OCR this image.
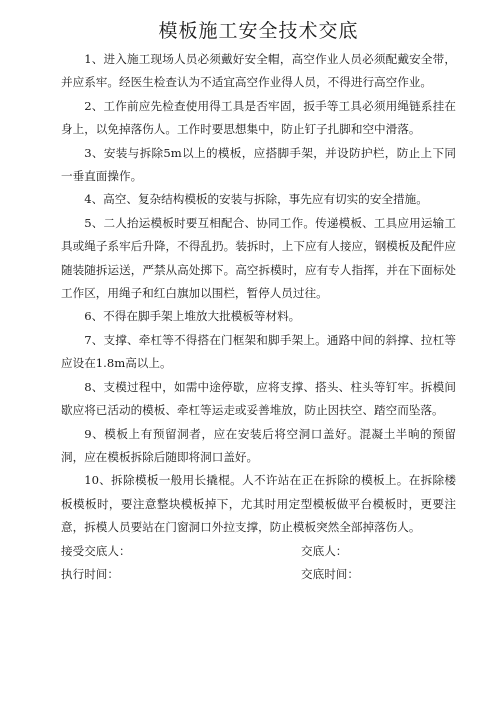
模板施工安全技术交底

1、进入施工现场人员必须戴好安全帽，高空作业人员必须配戴安全带，并应系牢。经医生检查认为不适宜高空作业得人员，不得进行高空作业。

2、工作前应先检查使用得工具是否牢固，扳手等工具必须用绳链系挂在身上，以免掉落伤人。工作时要思想集中，防止钉子扎脚和空中滑落。

3、安装与拆除5m以上的模板，应搭脚手架，并设防护栏，防止上下同一垂直面操作。

4、高空、复杂结构模板的安装与拆除，事先应有切实的安全措施。

5、二人抬运模板时要互相配合、协同工作。传递模板、工具应用运输工具或绳子系牢后升降，不得乱扔。装拆时，上下应有人接应，钢模板及配件应随装随拆运送，严禁从高处掷下。高空拆模时，应有专人指挥，并在下面标处工作区，用绳子和红白旗加以围栏，暂停人员过往。

6、不得在脚手架上堆放大批模板等材料。

7、支撑、牵杠等不得搭在门框架和脚手架上。通路中间的斜撑、拉杠等应设在1.8m高以上。

8、支模过程中，如需中途停歇，应将支撑、搭头、柱头等钉牢。拆模间歇应将已活动的模板、牵杠等运走或妥善堆放，防止因扶空、踏空而坠落。

9、模板上有预留洞者，应在安装后将空洞口盖好。混凝土半晌的预留洞，应在模板拆除后随即将洞口盖好。

10、拆除模板一般用长撬棍。人不许站在正在拆除的模板上。在拆除楼板模板时，要注意整块模板掉下，尤其时用定型模板做平台模板时，更要注意，拆模人员要站在门窗洞口外拉支撑，防止模板突然全部掉落伤人。

接受交底人：	交底人：
执行时间：	交底时间：
